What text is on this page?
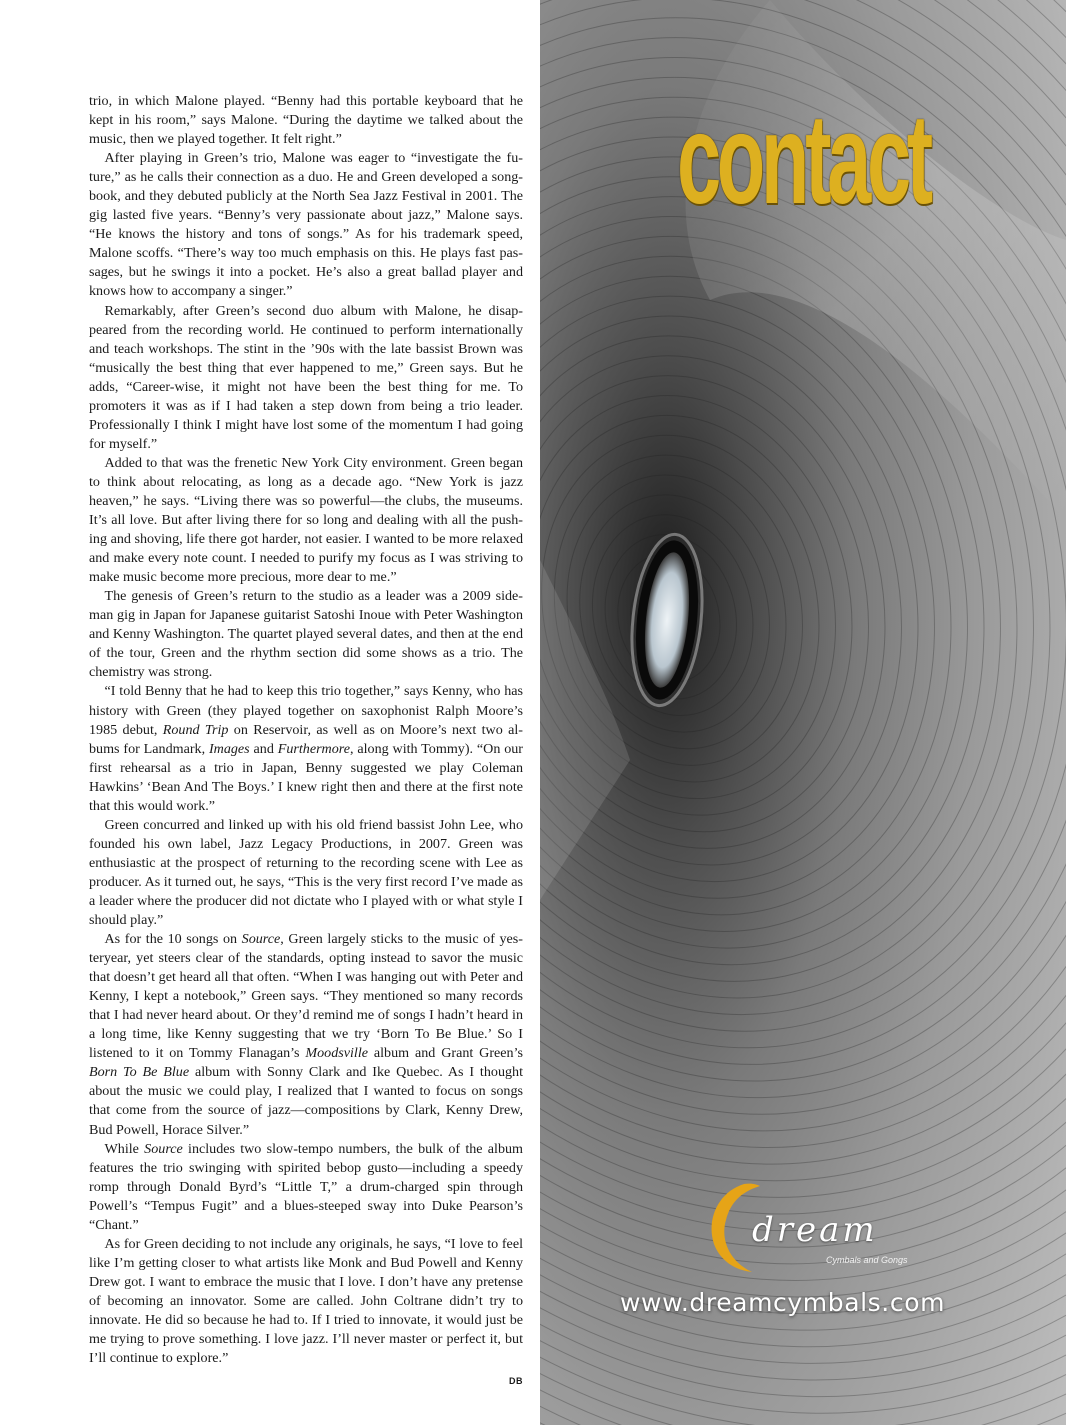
trio, in which Malone played. “Benny had this portable keyboard that he kept in his room,” says Malone. “During the daytime we talked about the music, then we played together. It felt right.”

After playing in Green’s trio, Malone was eager to “investigate the future,” as he calls their connection as a duo. He and Green developed a songbook, and they debuted publicly at the North Sea Jazz Festival in 2001. The gig lasted five years. “Benny’s very passionate about jazz,” Malone says. “He knows the history and tons of songs.” As for his trademark speed, Malone scoffs. “There’s way too much emphasis on this. He plays fast passages, but he swings it into a pocket. He’s also a great ballad player and knows how to accompany a singer.”

Remarkably, after Green’s second duo album with Malone, he disappeared from the recording world. He continued to perform internationally and teach workshops. The stint in the ’90s with the late bassist Brown was “musically the best thing that ever happened to me,” Green says. But he adds, “Career-wise, it might not have been the best thing for me. To promoters it was as if I had taken a step down from being a trio leader. Professionally I think I might have lost some of the momentum I had going for myself.”

Added to that was the frenetic New York City environment. Green began to think about relocating, as long as a decade ago. “New York is jazz heaven,” he says. “Living there was so powerful—the clubs, the museums. It’s all love. But after living there for so long and dealing with all the pushing and shoving, life there got harder, not easier. I wanted to be more relaxed and make every note count. I needed to purify my focus as I was striving to make music become more precious, more dear to me.”

The genesis of Green’s return to the studio as a leader was a 2009 sideman gig in Japan for Japanese guitarist Satoshi Inoue with Peter Washington and Kenny Washington. The quartet played several dates, and then at the end of the tour, Green and the rhythm section did some shows as a trio. The chemistry was strong.

“I told Benny that he had to keep this trio together,” says Kenny, who has history with Green (they played together on saxophonist Ralph Moore’s 1985 debut, Round Trip on Reservoir, as well as on Moore’s next two albums for Landmark, Images and Furthermore, along with Tommy). “On our first rehearsal as a trio in Japan, Benny suggested we play Coleman Hawkins’ ‘Bean And The Boys.’ I knew right then and there at the first note that this would work.”

Green concurred and linked up with his old friend bassist John Lee, who founded his own label, Jazz Legacy Productions, in 2007. Green was enthusiastic at the prospect of returning to the recording scene with Lee as producer. As it turned out, he says, “This is the very first record I’ve made as a leader where the producer did not dictate who I played with or what style I should play.”

As for the 10 songs on Source, Green largely sticks to the music of yesteryear, yet steers clear of the standards, opting instead to savor the music that doesn’t get heard all that often. “When I was hanging out with Peter and Kenny, I kept a notebook,” Green says. “They mentioned so many records that I had never heard about. Or they’d remind me of songs I hadn’t heard in a long time, like Kenny suggesting that we try ‘Born To Be Blue.’ So I listened to it on Tommy Flanagan’s Moodsville album and Grant Green’s Born To Be Blue album with Sonny Clark and Ike Quebec. As I thought about the music we could play, I realized that I wanted to focus on songs that come from the source of jazz—compositions by Clark, Kenny Drew, Bud Powell, Horace Silver.”

While Source includes two slow-tempo numbers, the bulk of the album features the trio swinging with spirited bebop gusto—including a speedy romp through Donald Byrd’s “Little T,” a drum-charged spin through Powell’s “Tempus Fugit” and a blues-steeped sway into Duke Pearson’s “Chant.”

As for Green deciding to not include any originals, he says, “I love to feel like I’m getting closer to what artists like Monk and Bud Powell and Kenny Drew got. I want to embrace the music that I love. I don’t have any pretense of becoming an innovator. Some are called. John Coltrane didn’t try to innovate. He did so because he had to. If I tried to innovate, it would just be me trying to prove something. I love jazz. I’ll never master or perfect it, but I’ll continue to explore.”

DB
contact
dream
Cymbals and Gongs
www.dreamcymbals.com
